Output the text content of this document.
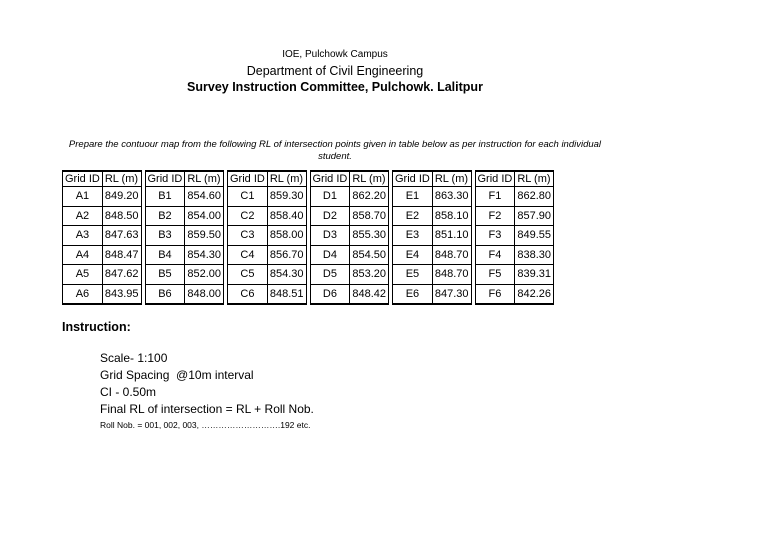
IOE, Pulchowk Campus
Department of Civil Engineering
Survey Instruction Committee, Pulchowk. Lalitpur
Prepare the contuour map from the following RL of intersection points given in table below as per instruction for each individual student.
Grid ID	RL (m)		Grid ID	RL (m)		Grid ID	RL (m)		Grid ID	RL (m)		Grid ID	RL (m)		Grid ID	RL (m)
A1	849.20		B1	854.60		C1	859.30		D1	862.20		E1	863.30		F1	862.80
A2	848.50		B2	854.00		C2	858.40		D2	858.70		E2	858.10		F2	857.90
A3	847.63		B3	859.50		C3	858.00		D3	855.30		E3	851.10		F3	849.55
A4	848.47		B4	854.30		C4	856.70		D4	854.50		E4	848.70		F4	838.30
A5	847.62		B5	852.00		C5	854.30		D5	853.20		E5	848.70		F5	839.31
A6	843.95		B6	848.00		C6	848.51		D6	848.42		E6	847.30		F6	842.26
Instruction:
Scale- 1:100
Grid Spacing  @10m interval
CI - 0.50m
Final RL of intersection = RL + Roll Nob.
Roll Nob. = 001, 002, 003, ……………………….192 etc.
